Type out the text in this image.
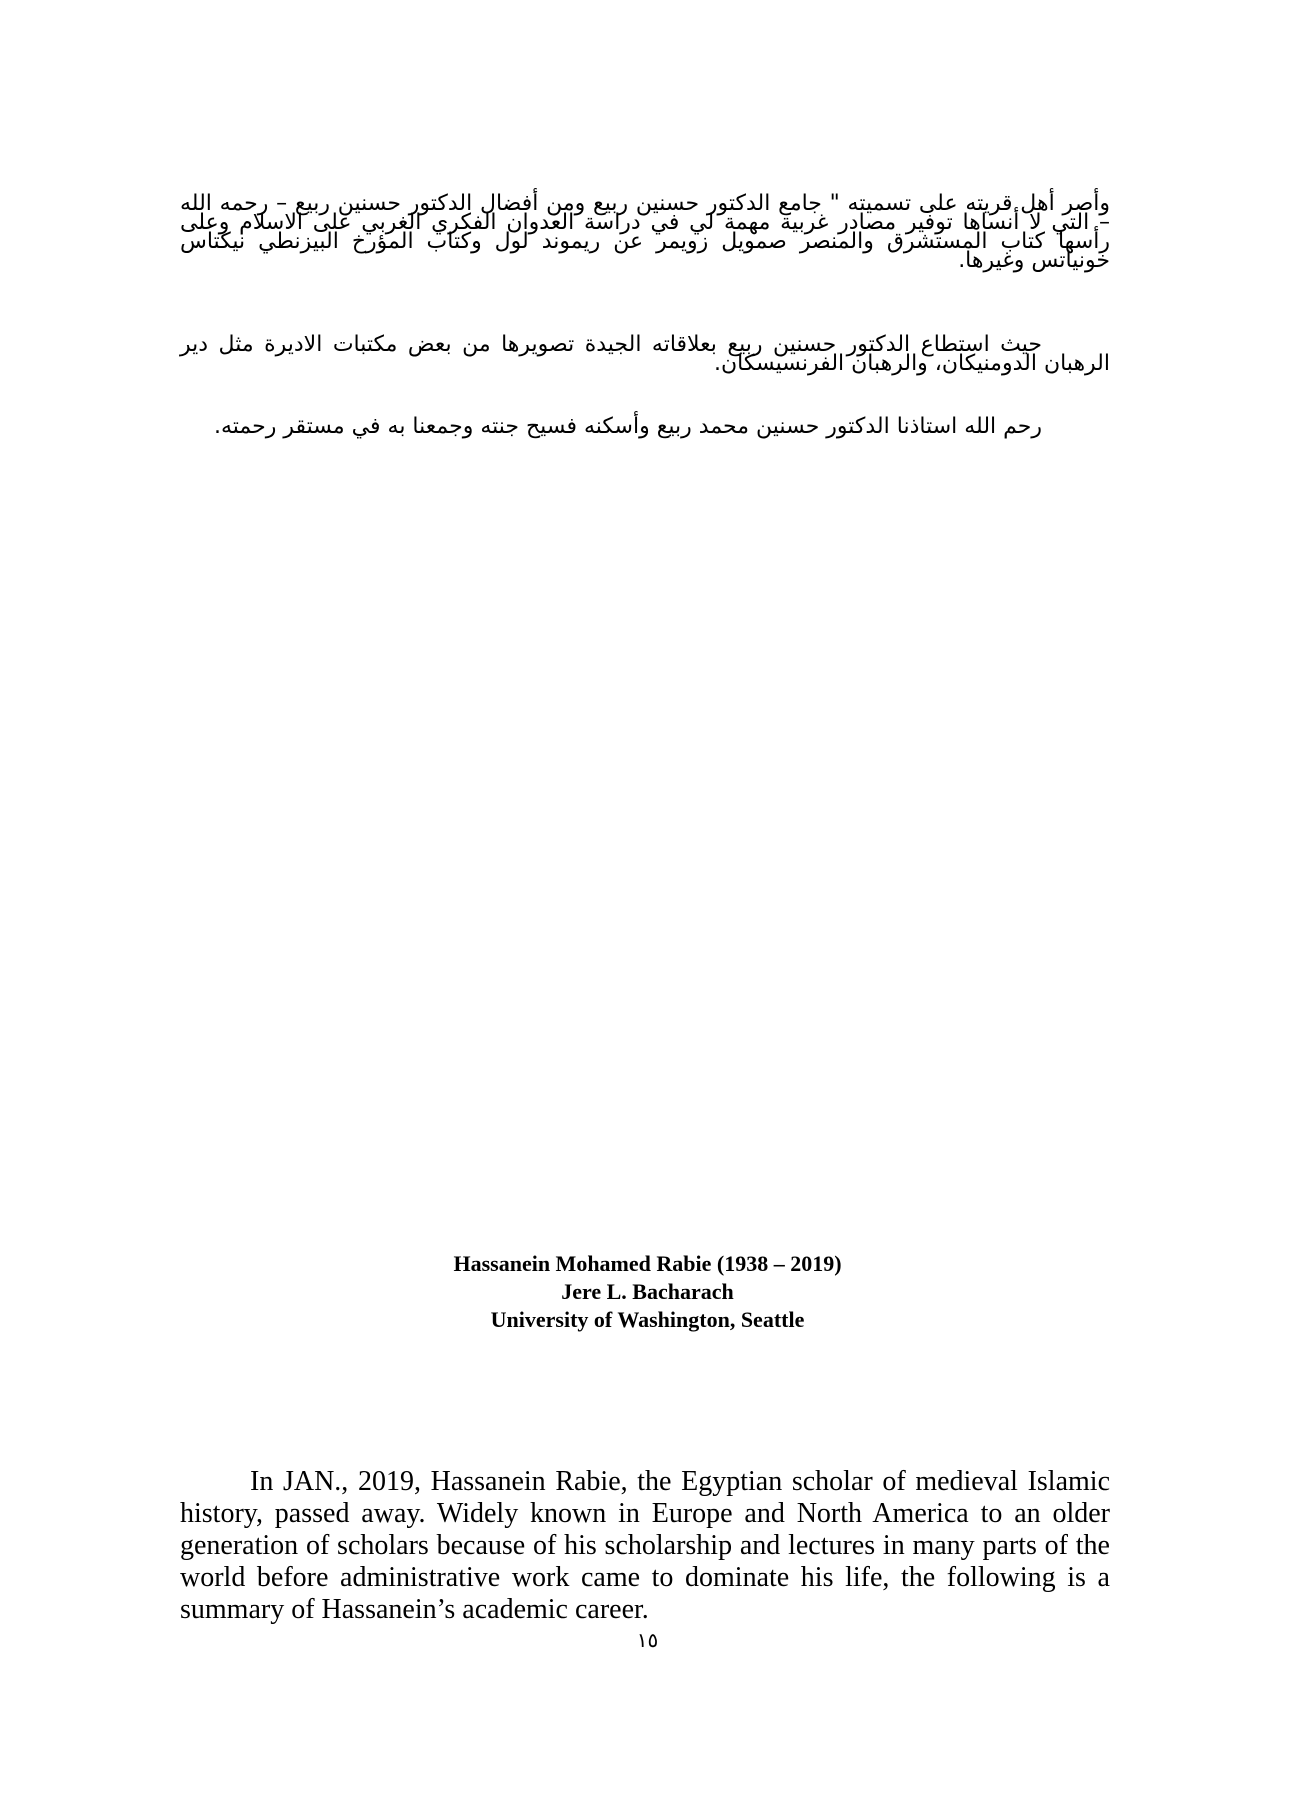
وأصر أهل قريته على تسميته " جامع الدكتور حسنين ربيع ومن أفضال الدكتور حسنين ربيع – رحمه الله – التي لا أنساها توفير مصادر غربية مهمة لي في دراسة العدوان الفكري الغربي على الاسلام وعلى رأسها كتاب المستشرق والمنصر صمويل زويمر عن ريموند لول وكتاب المؤرخ البيزنطي نيكتاس خونياتس وغيرها.

حيث استطاع الدكتور حسنين ربيع بعلاقاته الجيدة تصويرها من بعض مكتبات الاديرة مثل دير الرهبان الدومنيكان، والرهبان الفرنسيسكان.

رحم الله استاذنا الدكتور حسنين محمد ربيع وأسكنه فسيح جنته وجمعنا به في مستقر رحمته.

Hassanein Mohamed Rabie (1938 – 2019)
Jere L. Bacharach
University of Washington, Seattle

In JAN., 2019, Hassanein Rabie, the Egyptian scholar of medieval Islamic history, passed away. Widely known in Europe and North America to an older generation of scholars because of his scholarship and lectures in many parts of the world before administrative work came to dominate his life, the following is a summary of Hassanein’s academic career.

١٥
